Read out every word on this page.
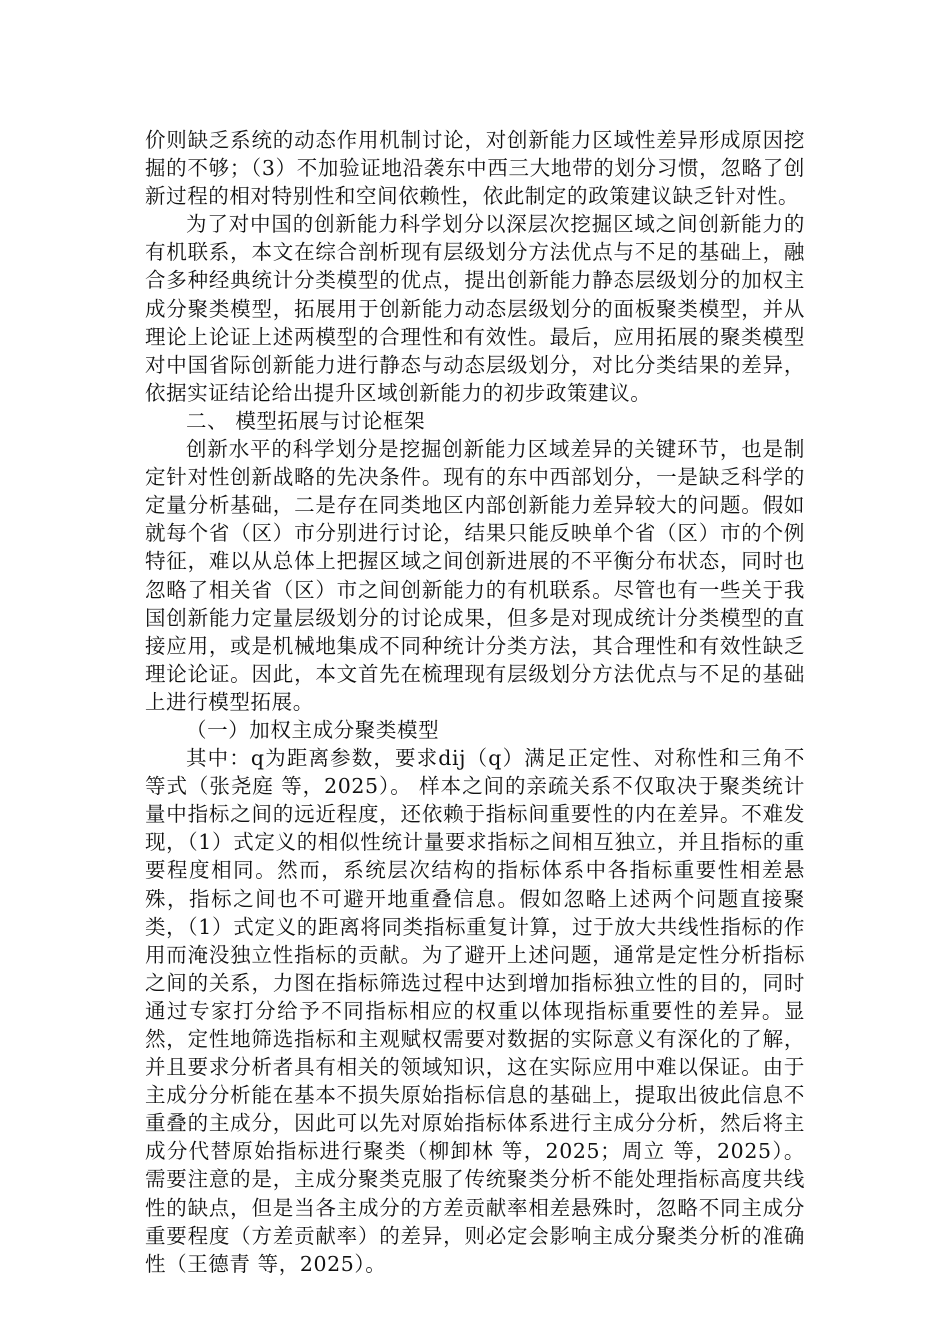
价则缺乏系统的动态作用机制讨论，对创新能力区域性差异形成原因挖掘的不够；（3）不加验证地沿袭东中西三大地带的划分习惯，忽略了创新过程的相对特别性和空间依赖性，依此制定的政策建议缺乏针对性。

为了对中国的创新能力科学划分以深层次挖掘区域之间创新能力的有机联系，本文在综合剖析现有层级划分方法优点与不足的基础上，融合多种经典统计分类模型的优点，提出创新能力静态层级划分的加权主成分聚类模型，拓展用于创新能力动态层级划分的面板聚类模型，并从理论上论证上述两模型的合理性和有效性。最后，应用拓展的聚类模型对中国省际创新能力进行静态与动态层级划分，对比分类结果的差异，依据实证结论给出提升区域创新能力的初步政策建议。

二、 模型拓展与讨论框架

创新水平的科学划分是挖掘创新能力区域差异的关键环节，也是制定针对性创新战略的先决条件。现有的东中西部划分，一是缺乏科学的定量分析基础，二是存在同类地区内部创新能力差异较大的问题。假如就每个省（区）市分别进行讨论，结果只能反映单个省（区）市的个例特征，难以从总体上把握区域之间创新进展的不平衡分布状态，同时也忽略了相关省（区）市之间创新能力的有机联系。尽管也有一些关于我国创新能力定量层级划分的讨论成果，但多是对现成统计分类模型的直接应用，或是机械地集成不同种统计分类方法，其合理性和有效性缺乏理论论证。因此，本文首先在梳理现有层级划分方法优点与不足的基础上进行模型拓展。

（一）加权主成分聚类模型

其中：q为距离参数，要求dij（q）满足正定性、对称性和三角不等式（张尧庭 等，2025）。 样本之间的亲疏关系不仅取决于聚类统计量中指标之间的远近程度，还依赖于指标间重要性的内在差异。不难发现，（1）式定义的相似性统计量要求指标之间相互独立，并且指标的重要程度相同。然而，系统层次结构的指标体系中各指标重要性相差悬殊，指标之间也不可避开地重叠信息。假如忽略上述两个问题直接聚类，（1）式定义的距离将同类指标重复计算，过于放大共线性指标的作用而淹没独立性指标的贡献。为了避开上述问题，通常是定性分析指标之间的关系，力图在指标筛选过程中达到增加指标独立性的目的，同时通过专家打分给予不同指标相应的权重以体现指标重要性的差异。显然，定性地筛选指标和主观赋权需要对数据的实际意义有深化的了解，并且要求分析者具有相关的领域知识，这在实际应用中难以保证。由于主成分分析能在基本不损失原始指标信息的基础上，提取出彼此信息不重叠的主成分，因此可以先对原始指标体系进行主成分分析，然后将主成分代替原始指标进行聚类（柳卸林 等，2025；周立 等，2025）。需要注意的是，主成分聚类克服了传统聚类分析不能处理指标高度共线性的缺点，但是当各主成分的方差贡献率相差悬殊时，忽略不同主成分重要程度（方差贡献率）的差异，则必定会影响主成分聚类分析的准确性（王德青 等，2025）。
